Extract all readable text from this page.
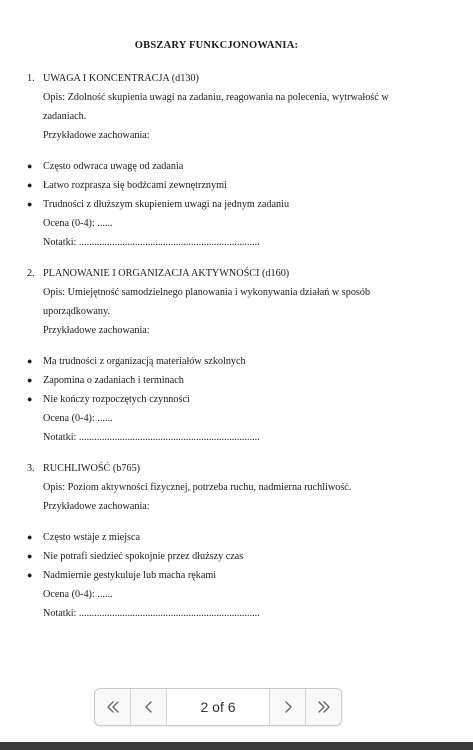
OBSZARY FUNKCJONOWANIA:
1. UWAGA I KONCENTRACJA (d130)
Opis: Zdolność skupienia uwagi na zadaniu, reagowania na polecenia, wytrwałość w
zadaniach.
Przykładowe zachowania:
●	Często odwraca uwagę od zadania
●	Łatwo rozprasza się bodźcami zewnętrznymi
●	Trudności z dłuższym skupieniem uwagi na jednym zadaniu
Ocena (0-4): ......
Notatki: .......................................................................
2. PLANOWANIE I ORGANIZACJA AKTYWNOŚCI (d160)
Opis: Umiejętność samodzielnego planowania i wykonywania działań w sposób
uporządkowany.
Przykładowe zachowania:
●	Ma trudności z organizacją materiałów szkolnych
●	Zapomina o zadaniach i terminach
●	Nie kończy rozpoczętych czynności
Ocena (0-4): ......
Notatki: .......................................................................
3. RUCHLIWOŚĆ (b765)
Opis: Poziom aktywności fizycznej, potrzeba ruchu, nadmierna ruchliwość.
Przykładowe zachowania:
●	Często wstaje z miejsca
●	Nie potrafi siedzieć spokojnie przez dłuższy czas
●	Nadmiernie gestykuluje lub macha rękami
Ocena (0-4): ......
Notatki: .......................................................................
2 of 6
